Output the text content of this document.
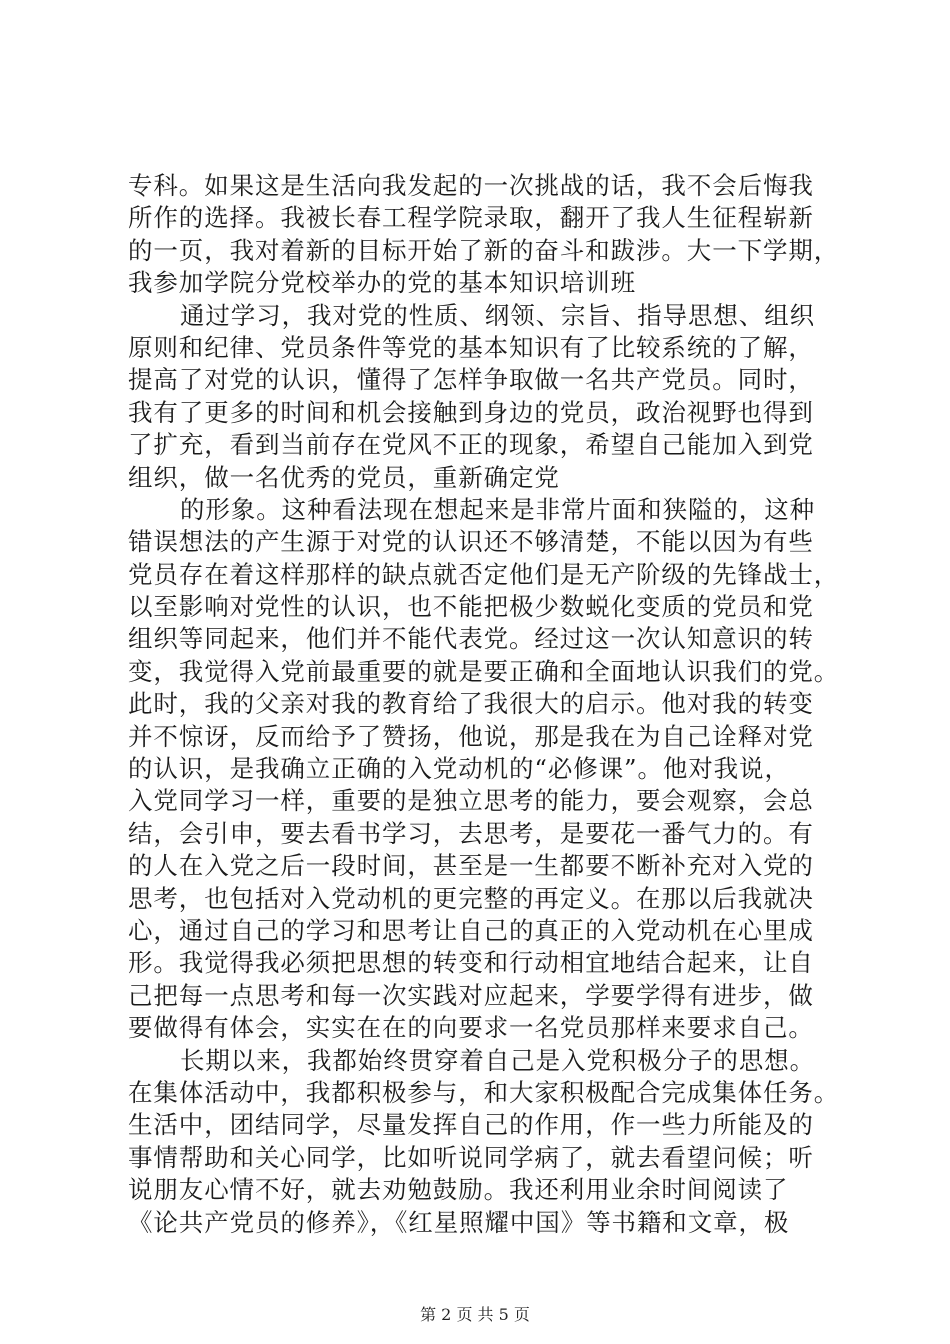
专科。如果这是生活向我发起的一次挑战的话，我不会后悔我
所作的选择。我被长春工程学院录取，翻开了我人生征程崭新
的一页，我对着新的目标开始了新的奋斗和跋涉。大一下学期，
我参加学院分党校举办的党的基本知识培训班
通过学习，我对党的性质、纲领、宗旨、指导思想、组织
原则和纪律、党员条件等党的基本知识有了比较系统的了解，
提高了对党的认识，懂得了怎样争取做一名共产党员。同时，
我有了更多的时间和机会接触到身边的党员，政治视野也得到
了扩充，看到当前存在党风不正的现象，希望自己能加入到党
组织，做一名优秀的党员，重新确定党
的形象。这种看法现在想起来是非常片面和狭隘的，这种
错误想法的产生源于对党的认识还不够清楚，不能以因为有些
党员存在着这样那样的缺点就否定他们是无产阶级的先锋战士，
以至影响对党性的认识，也不能把极少数蜕化变质的党员和党
组织等同起来，他们并不能代表党。经过这一次认知意识的转
变，我觉得入党前最重要的就是要正确和全面地认识我们的党。
此时，我的父亲对我的教育给了我很大的启示。他对我的转变
并不惊讶，反而给予了赞扬，他说，那是我在为自己诠释对党
的认识，是我确立正确的入党动机的“必修课”。他对我说，
入党同学习一样，重要的是独立思考的能力，要会观察，会总
结，会引申，要去看书学习，去思考，是要花一番气力的。有
的人在入党之后一段时间，甚至是一生都要不断补充对入党的
思考，也包括对入党动机的更完整的再定义。在那以后我就决
心，通过自己的学习和思考让自己的真正的入党动机在心里成
形。我觉得我必须把思想的转变和行动相宜地结合起来，让自
己把每一点思考和每一次实践对应起来，学要学得有进步，做
要做得有体会，实实在在的向要求一名党员那样来要求自己。
长期以来，我都始终贯穿着自己是入党积极分子的思想。
在集体活动中，我都积极参与，和大家积极配合完成集体任务。
生活中，团结同学，尽量发挥自己的作用，作一些力所能及的
事情帮助和关心同学，比如听说同学病了，就去看望问候；听
说朋友心情不好，就去劝勉鼓励。我还利用业余时间阅读了
《论共产党员的修养》，《红星照耀中国》等书籍和文章，极
第 2 页 共 5 页
